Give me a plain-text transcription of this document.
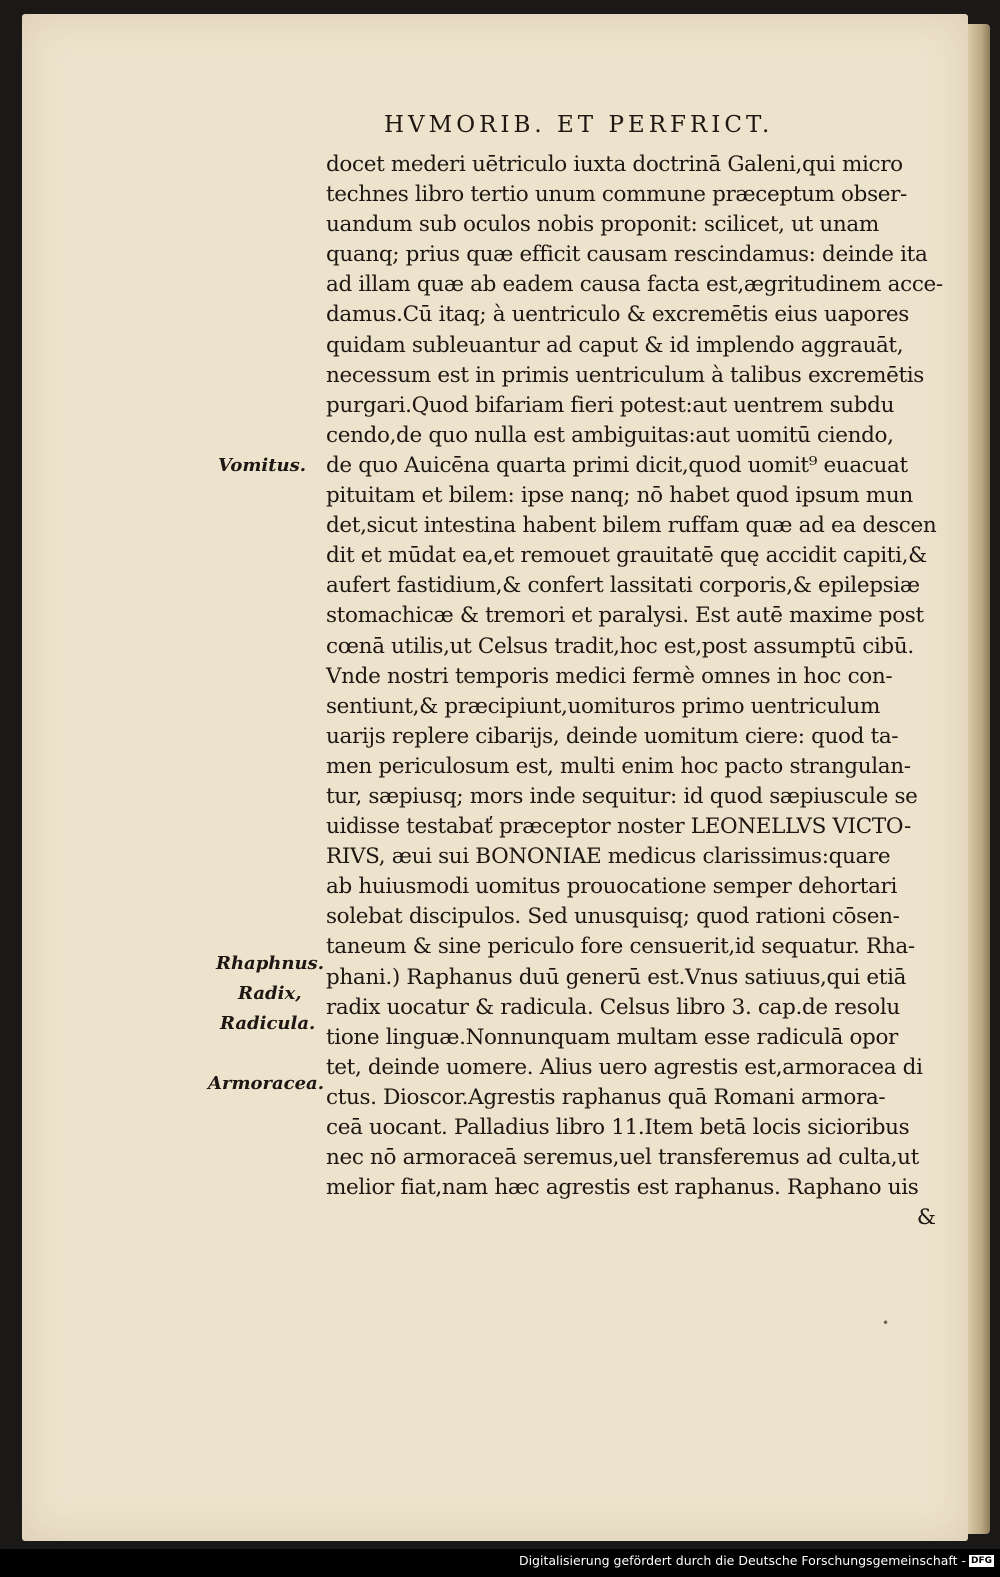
HVMORIB. ET PERFRICT.
docet mederi uētriculo iuxta doctrinā Galeni,qui micro
technes libro tertio unum commune præceptum obser-
uandum sub oculos nobis proponit: scilicet, ut unam
quanq; prius quæ efficit causam rescindamus: deinde ita
ad illam quæ ab eadem causa facta est,ægritudinem acce-
damus.Cū itaq; à uentriculo & excremētis eius uapores
quidam subleuantur ad caput & id implendo aggrauāt,
necessum est in primis uentriculum à talibus excremētis
purgari.Quod bifariam fieri potest:aut uentrem subdu
cendo,de quo nulla est ambiguitas:aut uomitū ciendo,
de quo Auicēna quarta primi dicit,quod uomit⁹ euacuat
pituitam et bilem: ipse nanq; nō habet quod ipsum mun
det,sicut intestina habent bilem ruffam quæ ad ea descen
dit et mūdat ea,et remouet grauitatē quę accidit capiti,&
aufert fastidium,& confert lassitati corporis,& epilepsiæ
stomachicæ & tremori et paralysi. Est autē maxime post
cœnā utilis,ut Celsus tradit,hoc est,post assumptū cibū.
Vnde nostri temporis medici fermè omnes in hoc con-
sentiunt,& præcipiunt,uomituros primo uentriculum
uarijs replere cibarijs, deinde uomitum ciere: quod ta-
men periculosum est, multi enim hoc pacto strangulan-
tur, sæpiusq; mors inde sequitur: id quod sæpiuscule se
uidisse testabať præceptor noster LEONELLVS VICTO-
RIVS, æui sui BONONIAE medicus clarissimus:quare
ab huiusmodi uomitus prouocatione semper dehortari
solebat discipulos. Sed unusquisq; quod rationi cōsen-
taneum & sine periculo fore censuerit,id sequatur. Rha-
phani.) Raphanus duū generū est.Vnus satiuus,qui etiā
radix uocatur & radicula. Celsus libro 3. cap.de resolu
tione linguæ.Nonnunquam multam esse radiculā opor
tet, deinde uomere. Alius uero agrestis est,armoracea di
ctus. Dioscor.Agrestis raphanus quā Romani armora-
ceā uocant. Palladius libro 11.Item betā locis sicioribus
nec nō armoraceā seremus,uel transferemus ad culta,ut
melior fiat,nam hæc agrestis est raphanus. Raphano uis
&
Vomitus.
Rhaphnus.
Radix,
Radicula.
Armoracea.
•
Digitalisierung gefördert durch die Deutsche Forschungsgemeinschaft - DFG
